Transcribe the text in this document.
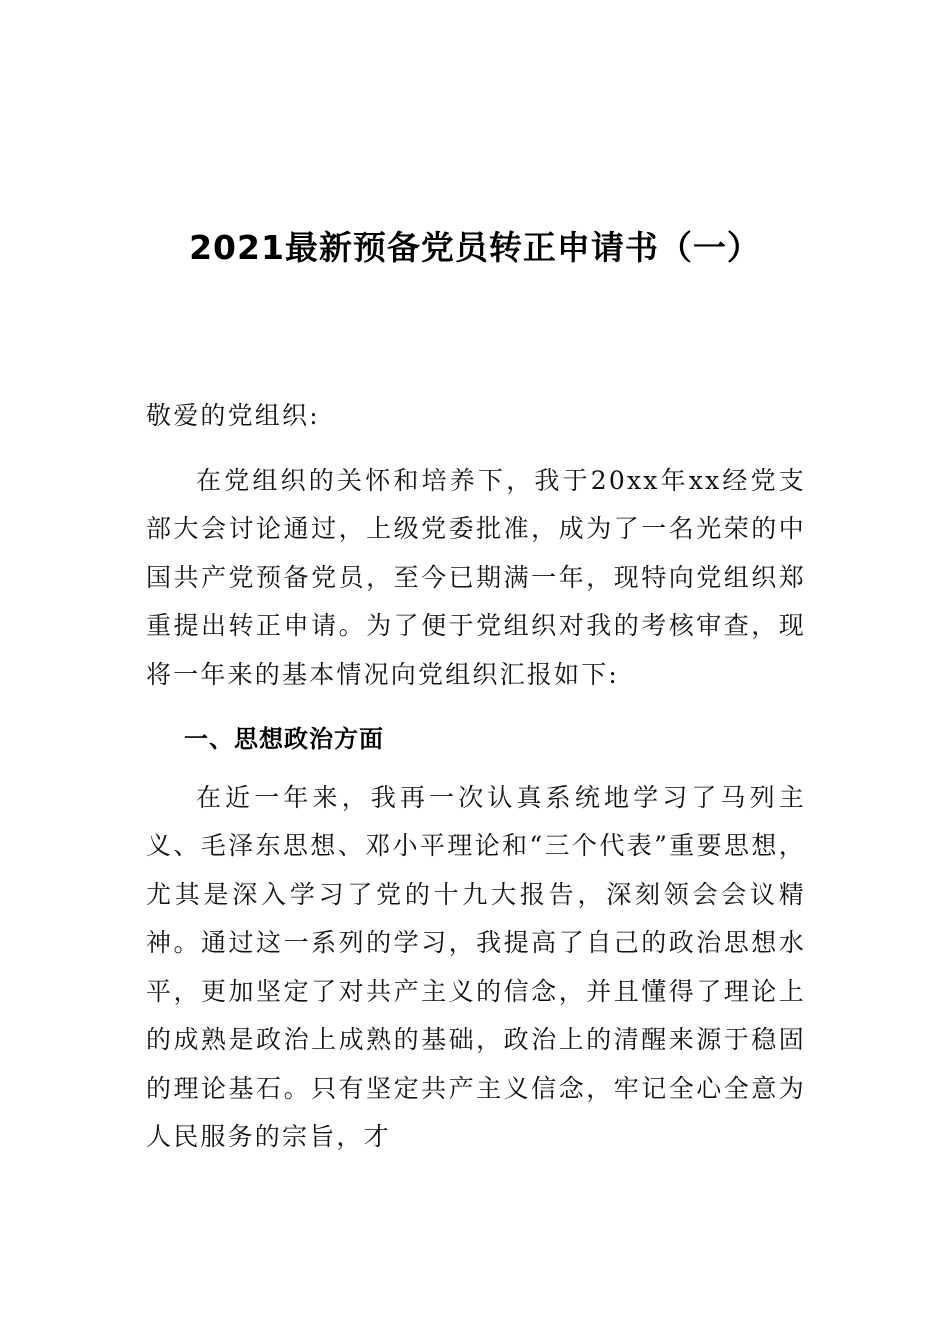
2021最新预备党员转正申请书（一）

敬爱的党组织:

在党组织的关怀和培养下，我于20xx年xx经党支部大会讨论通过，上级党委批准，成为了一名光荣的中国共产党预备党员，至今已期满一年，现特向党组织郑重提出转正申请。为了便于党组织对我的考核审查，现将一年来的基本情况向党组织汇报如下:

一、思想政治方面

在近一年来，我再一次认真系统地学习了马列主义、毛泽东思想、邓小平理论和“三个代表”重要思想，尤其是深入学习了党的十九大报告，深刻领会会议精神。通过这一系列的学习，我提高了自己的政治思想水平，更加坚定了对共产主义的信念，并且懂得了理论上的成熟是政治上成熟的基础，政治上的清醒来源于稳固的理论基石。只有坚定共产主义信念，牢记全心全意为人民服务的宗旨，才
